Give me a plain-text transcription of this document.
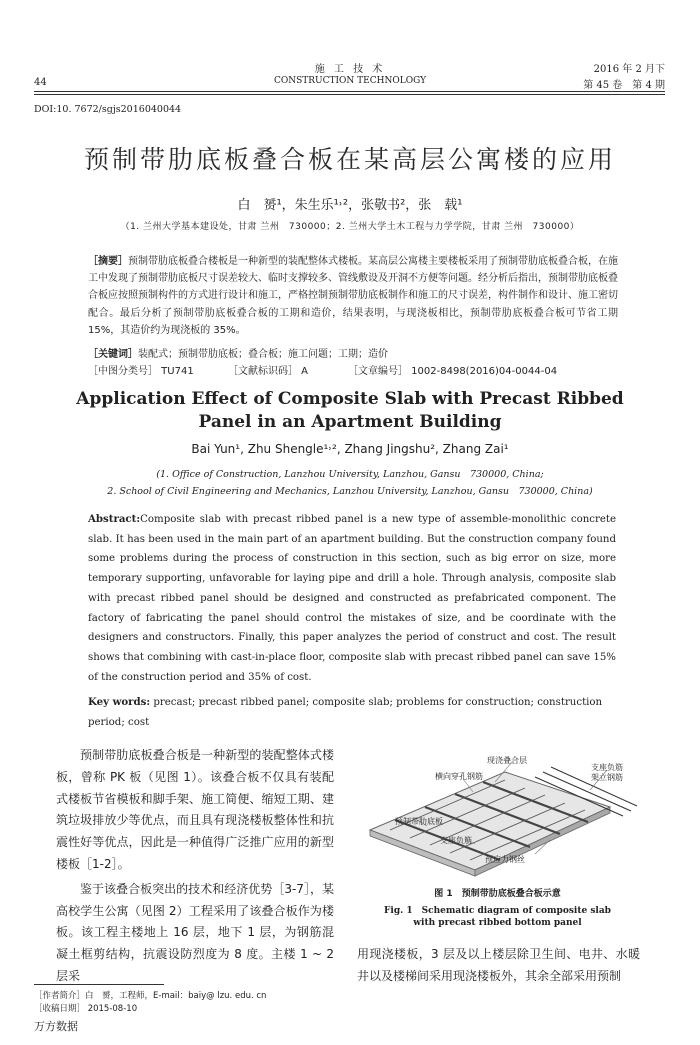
44
施 工 技 术
CONSTRUCTION TECHNOLOGY
2016 年 2 月下
第 45 卷　第 4 期
DOI:10. 7672/sgjs2016040044
预制带肋底板叠合板在某高层公寓楼的应用
白　赟¹，朱生乐¹˒²，张敬书²，张　载¹
（1. 兰州大学基本建设处，甘肃 兰州　730000；2. 兰州大学土木工程与力学学院，甘肃 兰州　730000）
［摘要］预制带肋底板叠合楼板是一种新型的装配整体式楼板。某高层公寓楼主要楼板采用了预制带肋底板叠合板，在施工中发现了预制带肋底板尺寸误差较大、临时支撑较多、管线敷设及开洞不方便等问题。经分析后指出，预制带肋底板叠合板应按照预制构件的方式进行设计和施工，严格控制预制带肋底板制作和施工的尺寸误差，构件制作和设计、施工密切配合。最后分析了预制带肋底板叠合板的工期和造价，结果表明，与现浇板相比，预制带肋底板叠合板可节省工期 15%，其造价约为现浇板的 35%。
［关键词］装配式；预制带肋底板；叠合板；施工问题；工期；造价
［中图分类号］ TU741	［文献标识码］ A	［文章编号］ 1002-8498(2016)04-0044-04
Application Effect of Composite Slab with Precast Ribbed
Panel in an Apartment Building
Bai Yun¹, Zhu Shengle¹˒², Zhang Jingshu², Zhang Zai¹
(1. Office of Construction, Lanzhou University, Lanzhou, Gansu　730000, China;
2. School of Civil Engineering and Mechanics, Lanzhou University, Lanzhou, Gansu　730000, China)
Abstract:Composite slab with precast ribbed panel is a new type of assemble-monolithic concrete slab. It has been used in the main part of an apartment building. But the construction company found some problems during the process of construction in this section, such as big error on size, more temporary supporting, unfavorable for laying pipe and drill a hole. Through analysis, composite slab with precast ribbed panel should be designed and constructed as prefabricated component. The factory of fabricating the panel should control the mistakes of size, and be coordinate with the designers and constructors. Finally, this paper analyzes the period of construct and cost. The result shows that combining with cast-in-place floor, composite slab with precast ribbed panel can save 15% of the construction period and 35% of cost.
Key words: precast; precast ribbed panel; composite slab; problems for construction; construction period; cost
预制带肋底板叠合板是一种新型的装配整体式楼板，曾称 PK 板（见图 1）。该叠合板不仅具有装配式楼板节省模板和脚手架、施工简便、缩短工期、建筑垃圾排放少等优点，而且具有现浇楼板整体性和抗震性好等优点，因此是一种值得广泛推广应用的新型楼板［1-2］。
鉴于该叠合板突出的技术和经济优势［3-7］，某高校学生公寓（见图 2）工程采用了该叠合板作为楼板。该工程主楼地上 16 层，地下 1 层，为钢筋混凝土框剪结构，抗震设防烈度为 8 度。主楼 1 ~ 2 层采
现浇叠合层
支座负筋
架立钢筋
横向穿孔钢筋
预制带肋底板
支座负筋
预应力钢丝
图 1　预制带肋底板叠合板示意
Fig. 1　Schematic diagram of composite slab
with precast ribbed bottom panel
用现浇楼板，3 层及以上楼层除卫生间、电井、水暖井以及楼梯间采用现浇楼板外，其余全部采用预制
［作者简介］白　赟，工程师，E-mail：baiy@ lzu. edu. cn
［收稿日期］ 2015-08-10
万方数据
